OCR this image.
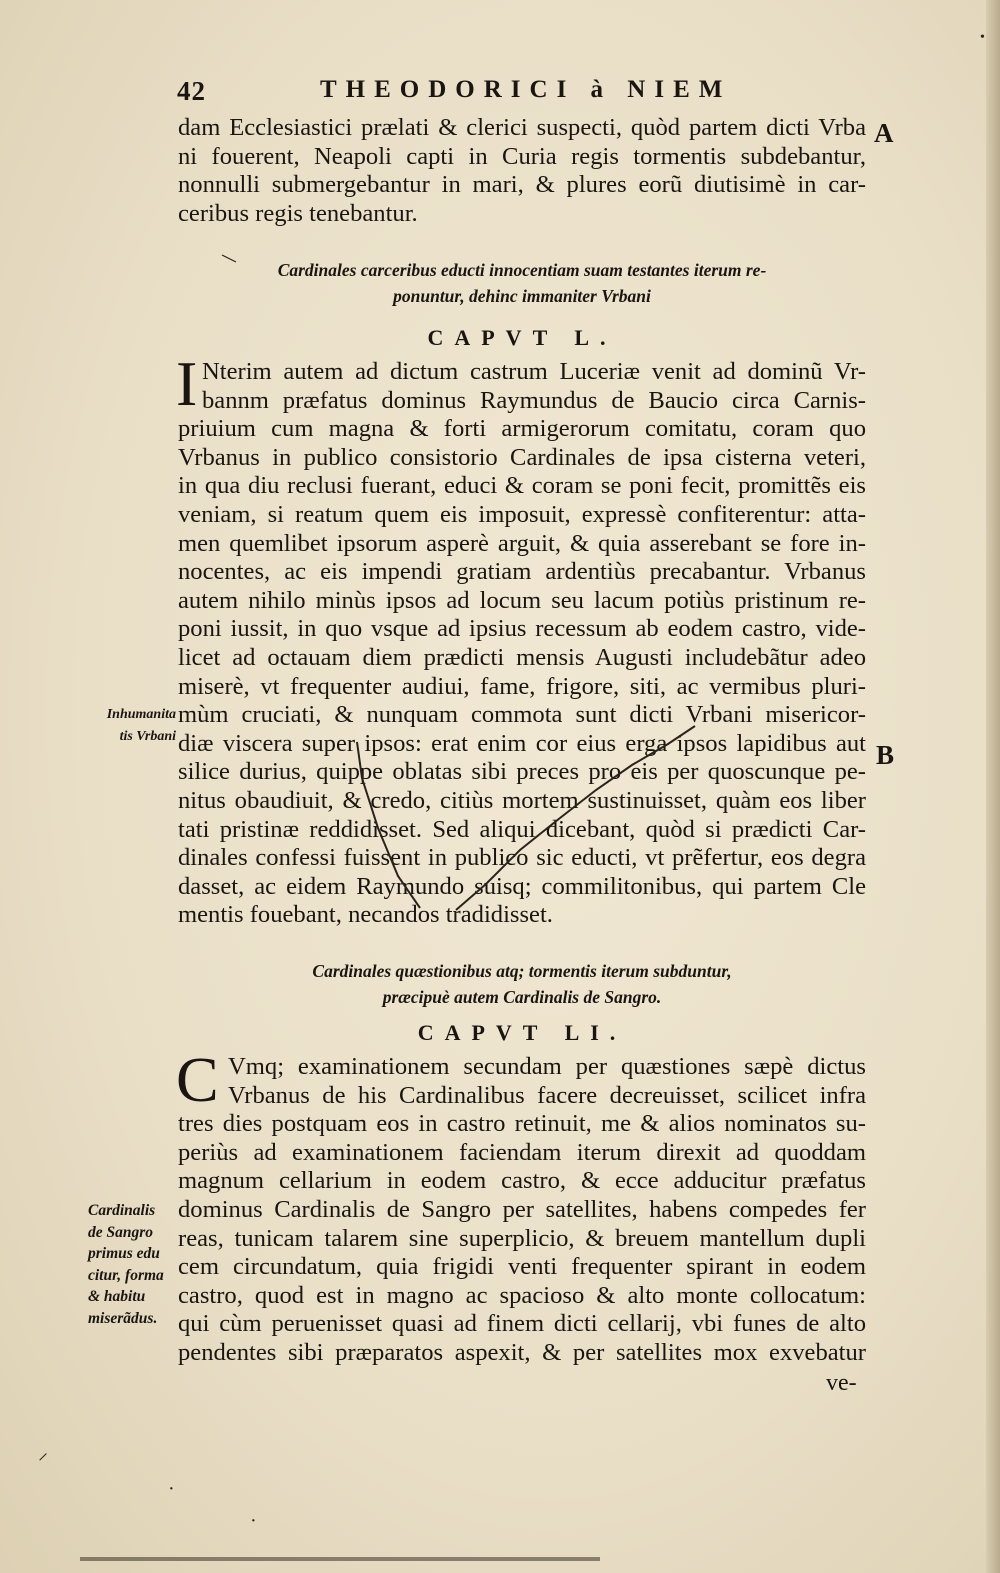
42	THEODORICI à NIEM
A
B
dam Ecclesiastici prælati & clerici suspecti, quòd partem dicti Vrba
ni fouerent, Neapoli capti in Curia regis tormentis subdebantur,
nonnulli submergebantur in mari, & plures eorũ diutisimè in car-
ceribus regis tenebantur.
Cardinales carceribus educti innocentiam suam testantes iterum re-
ponuntur, dehinc immaniter Vrbani
CAPVT L.
I Nterim autem ad dictum castrum Luceriæ venit ad dominũ Vr-
bannm præfatus dominus Raymundus de Baucio circa Carnis-
priuium cum magna & forti armigerorum comitatu, coram quo
Vrbanus in publico consistorio Cardinales de ipsa cisterna veteri,
in qua diu reclusi fuerant, educi & coram se poni fecit, promittẽs eis
veniam, si reatum quem eis imposuit, expressè confiterentur: atta-
men quemlibet ipsorum asperè arguit, & quia asserebant se fore in-
nocentes, ac eis impendi gratiam ardentiùs precabantur. Vrbanus
autem nihilo minùs ipsos ad locum seu lacum potiùs pristinum re-
poni iussit, in quo vsque ad ipsius recessum ab eodem castro, vide-
licet ad octauam diem prædicti mensis Augusti includebãtur adeo
miserè, vt frequenter audiui, fame, frigore, siti, ac vermibus pluri-
mùm cruciati, & nunquam commota sunt dicti Vrbani misericor-
diæ viscera super ipsos: erat enim cor eius erga ipsos lapidibus aut
silice durius, quippe oblatas sibi preces pro eis per quoscunque pe-
nitus obaudiuit, & credo, citiùs mortem sustinuisset, quàm eos liber
tati pristinæ reddidisset. Sed aliqui dicebant, quòd si prædicti Car-
dinales confessi fuissent in publico sic educti, vt prẽfertur, eos degra
dasset, ac eidem Raymundo suisq; commilitonibus, qui partem Cle
mentis fouebant, necandos tradidisset.
Inhumanita
tis Vrbani
Cardinales quæstionibus atq; tormentis iterum subduntur,
præcipuè autem Cardinalis de Sangro.
CAPVT LI.
C Vmq; examinationem secundam per quæstiones sæpè dictus
Vrbanus de his Cardinalibus facere decreuisset, scilicet infra
tres dies postquam eos in castro retinuit, me & alios nominatos su-
periùs ad examinationem faciendam iterum direxit ad quoddam
magnum cellarium in eodem castro, & ecce adducitur præfatus
dominus Cardinalis de Sangro per satellites, habens compedes fer
reas, tunicam talarem sine superplicio, & breuem mantellum dupli
cem circundatum, quia frigidi venti frequenter spirant in eodem
castro, quod est in magno ac spacioso & alto monte collocatum:
qui cùm peruenisset quasi ad finem dicti cellarij, vbi funes de alto
pendentes sibi præparatos aspexit, & per satellites mox exvebatur
Cardinalis
de Sangro
primus edu
citur, forma
& habitu
miserãdus.
ve-
⸝
·
·
•
